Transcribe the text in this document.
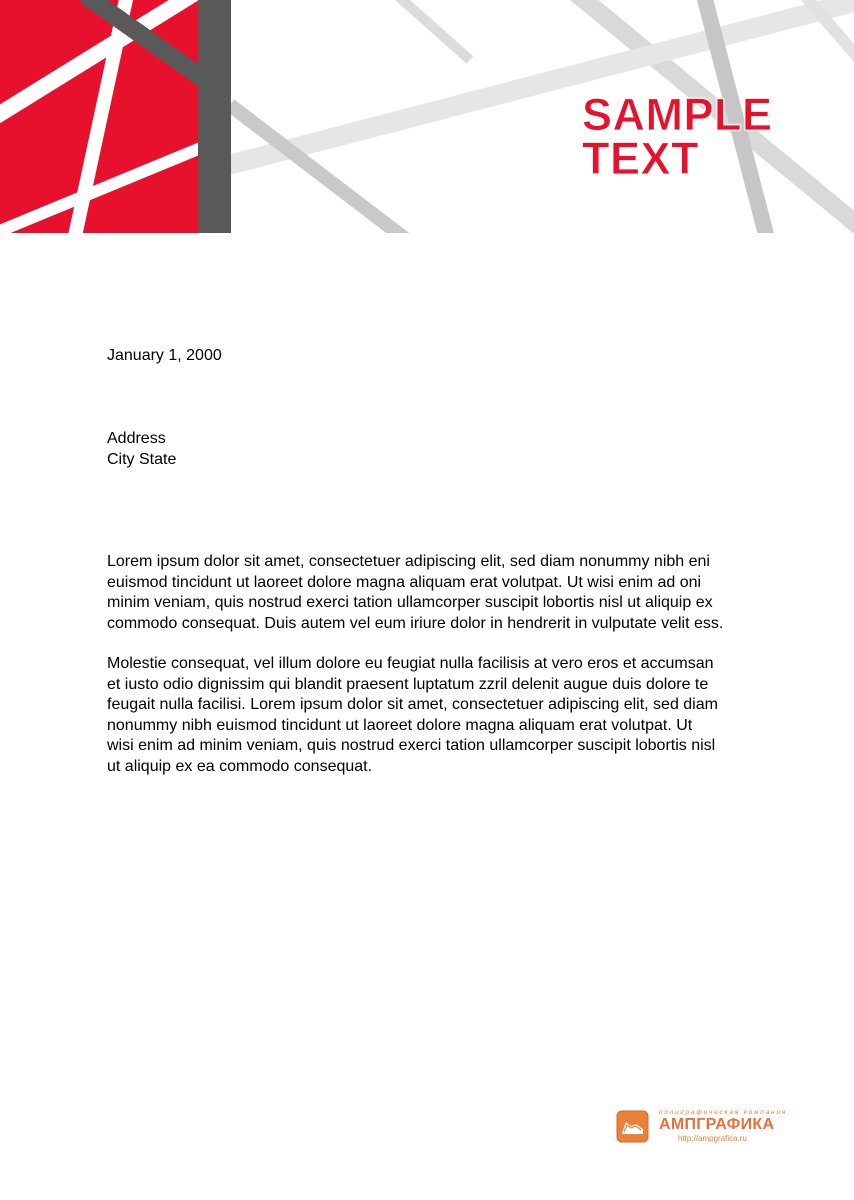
SAMPLE
TEXT
January 1, 2000
Address
City State

Lorem ipsum dolor sit amet, consectetuer adipiscing elit, sed diam nonummy nibh eni
euismod tincidunt ut laoreet dolore magna aliquam erat volutpat. Ut wisi enim ad oni
minim veniam, quis nostrud exerci tation ullamcorper suscipit lobortis nisl ut aliquip ex
commodo consequat. Duis autem vel eum iriure dolor in hendrerit in vulputate velit ess.

Molestie consequat, vel illum dolore eu feugiat nulla facilisis at vero eros et accumsan
et iusto odio dignissim qui blandit praesent luptatum zzril delenit augue duis dolore te
feugait nulla facilisi. Lorem ipsum dolor sit amet, consectetuer adipiscing elit, sed diam
nonummy nibh euismod tincidunt ut laoreet dolore magna aliquam erat volutpat. Ut
wisi enim ad minim veniam, quis nostrud exerci tation ullamcorper suscipit lobortis nisl
ut aliquip ex ea commodo consequat.

полиграфическая компания
АМПГРАФИКА
http://ampgrafica.ru
